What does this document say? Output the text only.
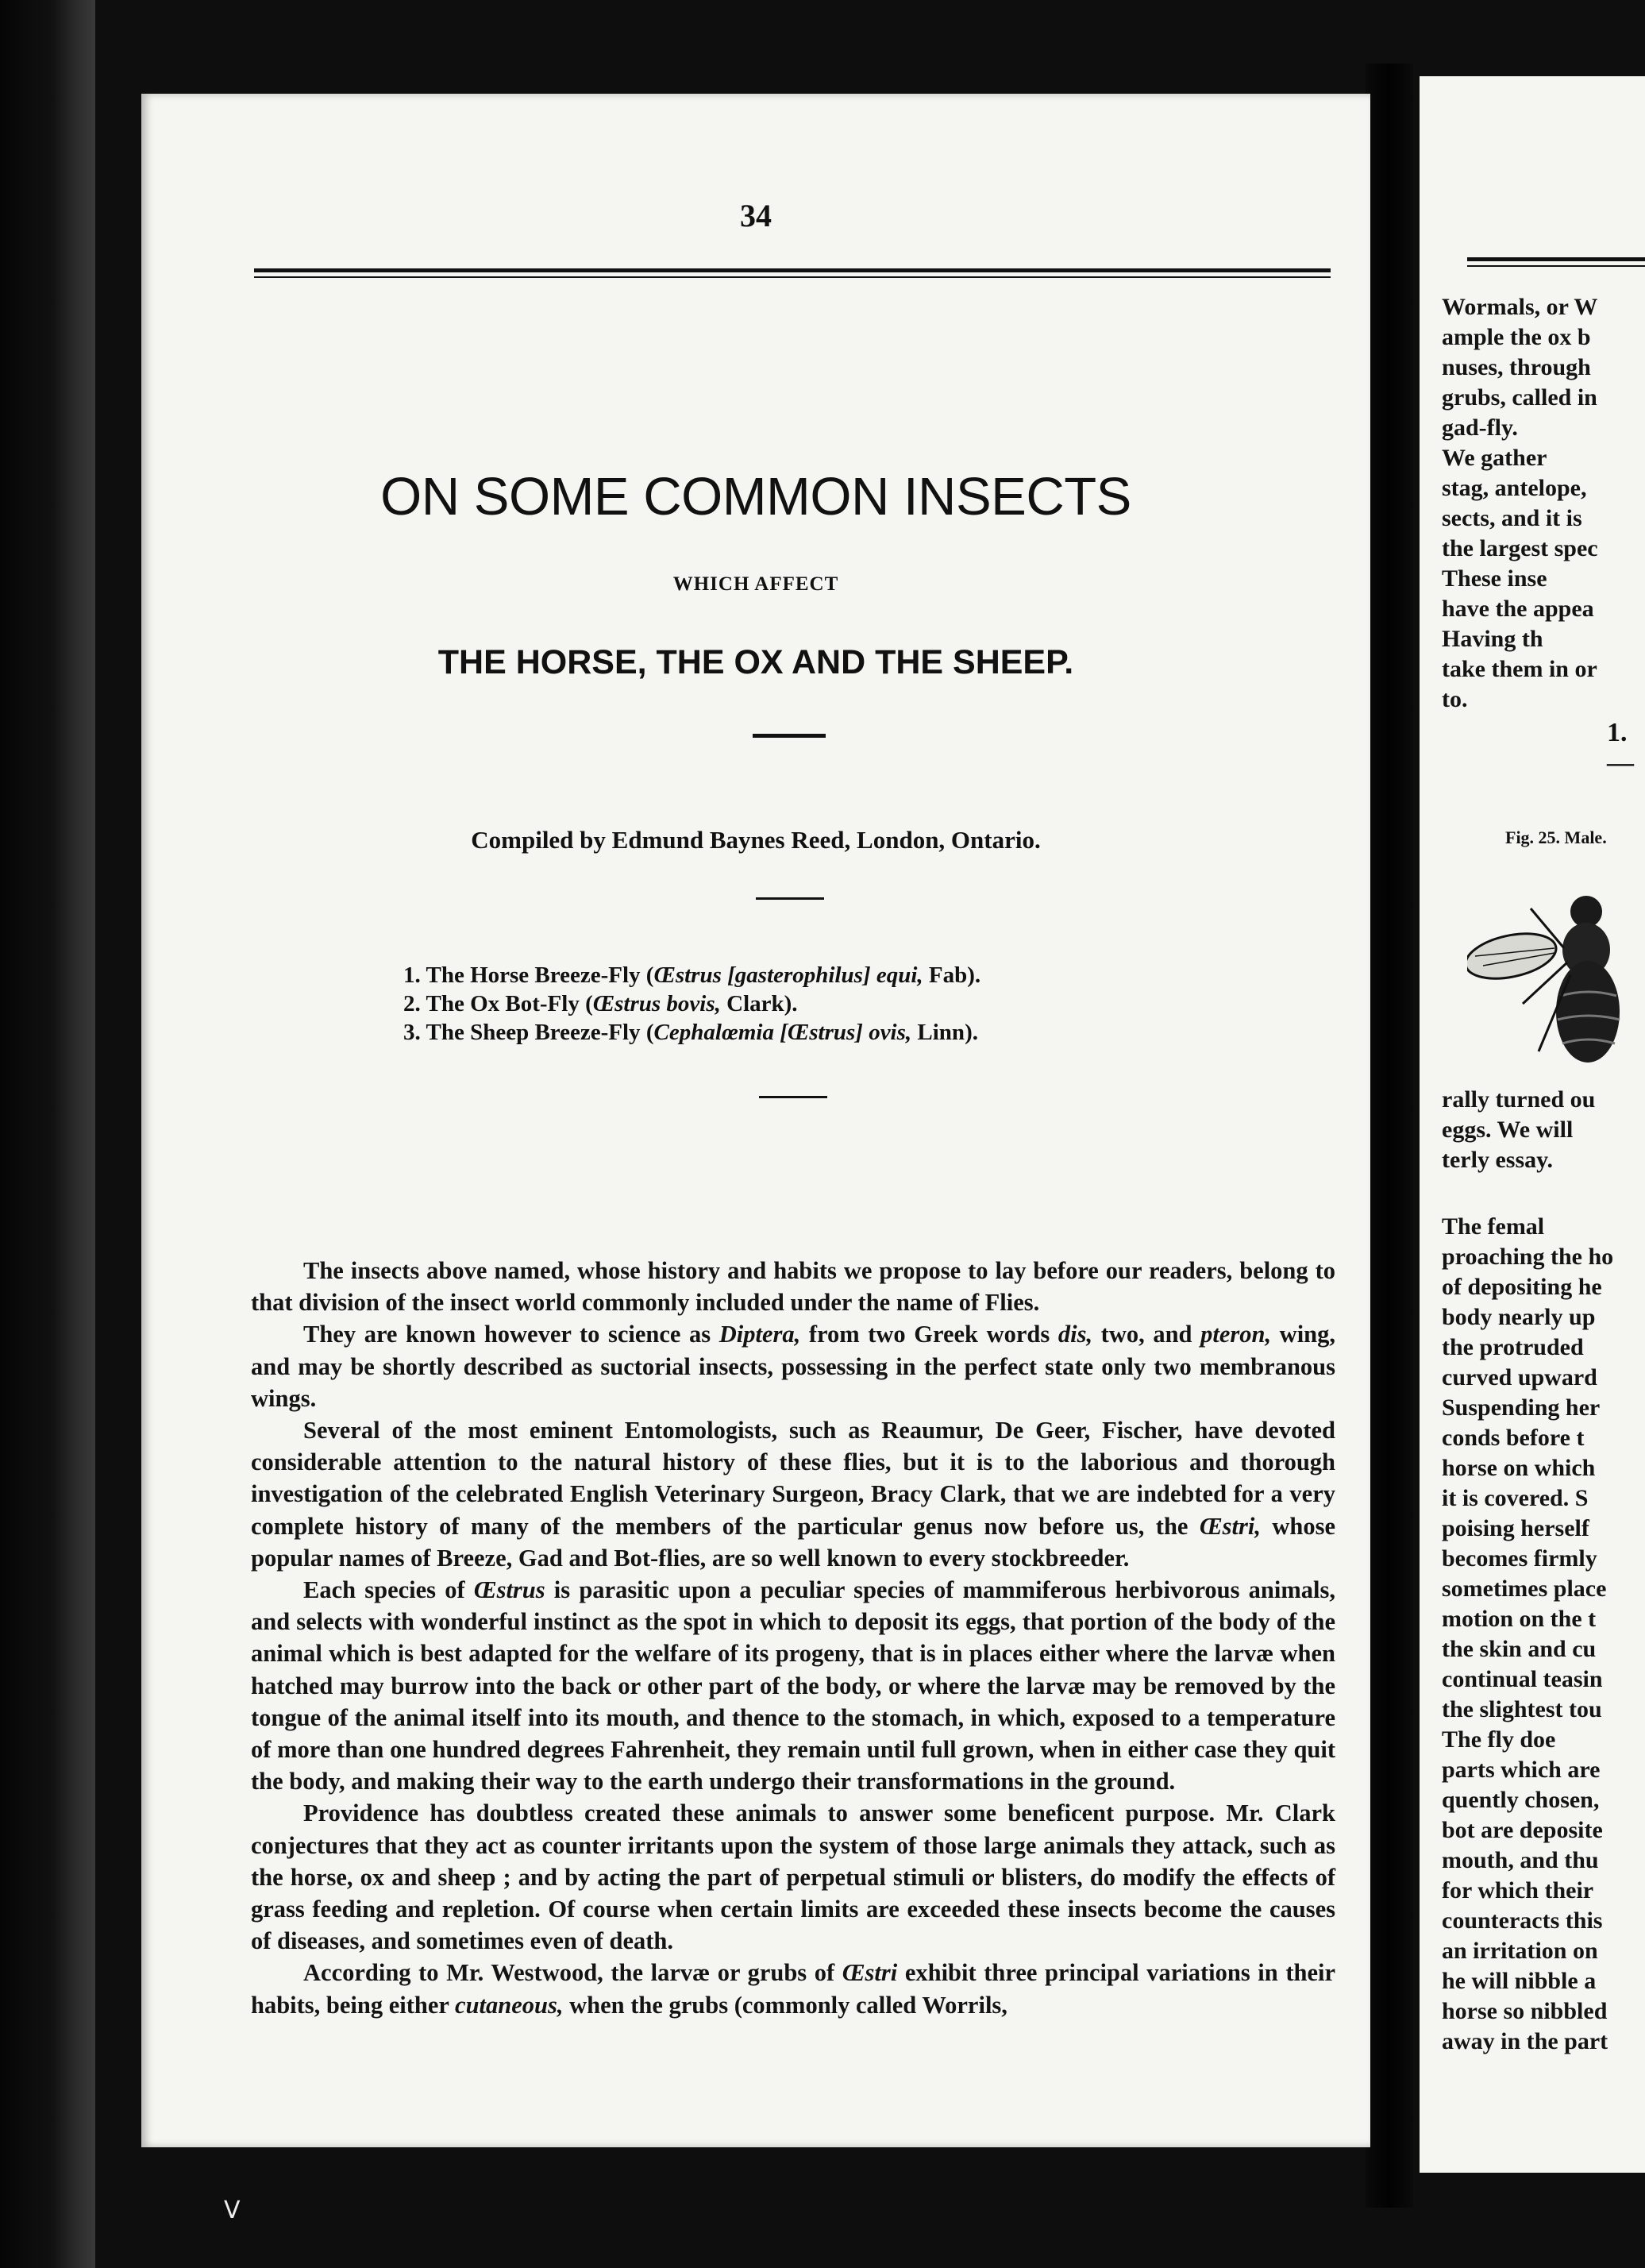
34
ON SOME COMMON INSECTS
WHICH AFFECT
THE HORSE, THE OX AND THE SHEEP.
Compiled by Edmund Baynes Reed, London, Ontario.
1. The Horse Breeze-Fly (Œstrus [gasterophilus] equi, Fab).
2. The Ox Bot-Fly (Œstrus bovis, Clark).
3. The Sheep Breeze-Fly (Cephalœmia [Œstrus] ovis, Linn).

The insects above named, whose history and habits we propose to lay before our readers, belong to that division of the insect world commonly included under the name of Flies.

They are known however to science as Diptera, from two Greek words dis, two, and pteron, wing, and may be shortly described as suctorial insects, possessing in the perfect state only two membranous wings.

Several of the most eminent Entomologists, such as Reaumur, De Geer, Fischer, have devoted considerable attention to the natural history of these flies, but it is to the laborious and thorough investigation of the celebrated English Veterinary Surgeon, Bracy Clark, that we are indebted for a very complete history of many of the members of the particular genus now before us, the Œstri, whose popular names of Breeze, Gad and Bot-flies, are so well known to every stockbreeder.

Each species of Œstrus is parasitic upon a peculiar species of mammiferous herbivorous animals, and selects with wonderful instinct as the spot in which to deposit its eggs, that portion of the body of the animal which is best adapted for the welfare of its progeny, that is in places either where the larvæ when hatched may burrow into the back or other part of the body, or where the larvæ may be removed by the tongue of the animal itself into its mouth, and thence to the stomach, in which, exposed to a temperature of more than one hundred degrees Fahrenheit, they remain until full grown, when in either case they quit the body, and making their way to the earth undergo their transformations in the ground.

Providence has doubtless created these animals to answer some beneficent purpose. Mr. Clark conjectures that they act as counter irritants upon the system of those large animals they attack, such as the horse, ox and sheep ; and by acting the part of perpetual stimuli or blisters, do modify the effects of grass feeding and repletion. Of course when certain limits are exceeded these insects become the causes of diseases, and sometimes even of death.

According to Mr. Westwood, the larvæ or grubs of Œstri exhibit three principal variations in their habits, being either cutaneous, when the grubs (commonly called Worrils,

Wormals, or W
ample the ox b
nuses, through
grubs, called in
gad-fly.
We gather
stag, antelope,
sects, and it is
the largest spec
These inse
have the appea
Having th
take them in or
to.
1.—
Fig. 25. Male.
rally turned ou
eggs. We will
terly essay.
The femal
proaching the ho
of depositing he
body nearly up
the protruded
curved upward
Suspending her
conds before t
horse on which
it is covered. S
poising herself
becomes firmly
sometimes place
motion on the t
the skin and cu
continual teasin
the slightest tou
The fly doe
parts which are
quently chosen,
bot are deposite
mouth, and thu
for which their
counteracts this
an irritation on
he will nibble a
horse so nibbled
away in the part
V
